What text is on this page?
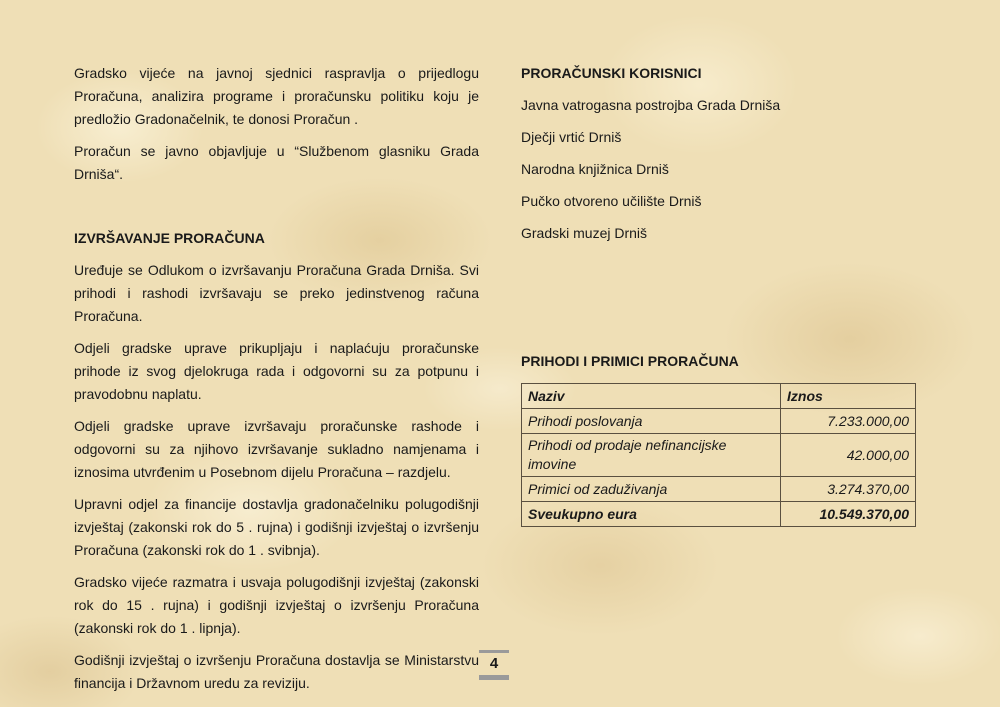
Gradsko vijeće na javnoj sjednici raspravlja o prijedlogu Proračuna, analizira programe i proračunsku politiku koju je predložio Gradonačelnik, te donosi Proračun .

Proračun se javno objavljuje u “Službenom glasniku Grada Drniša“.

IZVRŠAVANJE PRORAČUNA

Uređuje se Odlukom o izvršavanju Proračuna Grada Drniša. Svi prihodi i rashodi izvršavaju se preko jedinstvenog računa Proračuna.

Odjeli gradske uprave prikupljaju i naplaćuju proračunske prihode iz svog djelokruga rada i odgovorni su za potpunu i pravodobnu naplatu.

Odjeli gradske uprave izvršavaju proračunske rashode i odgovorni su za njihovo izvršavanje sukladno namjenama i iznosima utvrđenim u Posebnom dijelu Proračuna – razdjelu.

Upravni odjel za financije dostavlja gradonačelniku polugodišnji izvještaj (zakonski rok do 5 . rujna) i godišnji izvještaj o izvršenju Proračuna (zakonski rok do 1 . svibnja).

Gradsko vijeće razmatra i usvaja polugodišnji izvještaj (zakonski rok do 15 . rujna) i godišnji izvještaj o izvršenju Proračuna (zakonski rok do 1 . lipnja).

Godišnji izvještaj o izvršenju Proračuna dostavlja se Ministarstvu financija i Državnom uredu za reviziju.

PRORAČUNSKI KORISNICI

Javna vatrogasna postrojba Grada Drniša

Dječji vrtić Drniš

Narodna knjižnica Drniš

Pučko otvoreno učilište Drniš

Gradski muzej Drniš

PRIHODI I PRIMICI PRORAČUNA

Naziv	Iznos
Prihodi poslovanja	7.233.000,00
Prihodi od prodaje nefinancijske imovine	42.000,00
Primici od zaduživanja	3.274.370,00
Sveukupno eura	10.549.370,00
4
